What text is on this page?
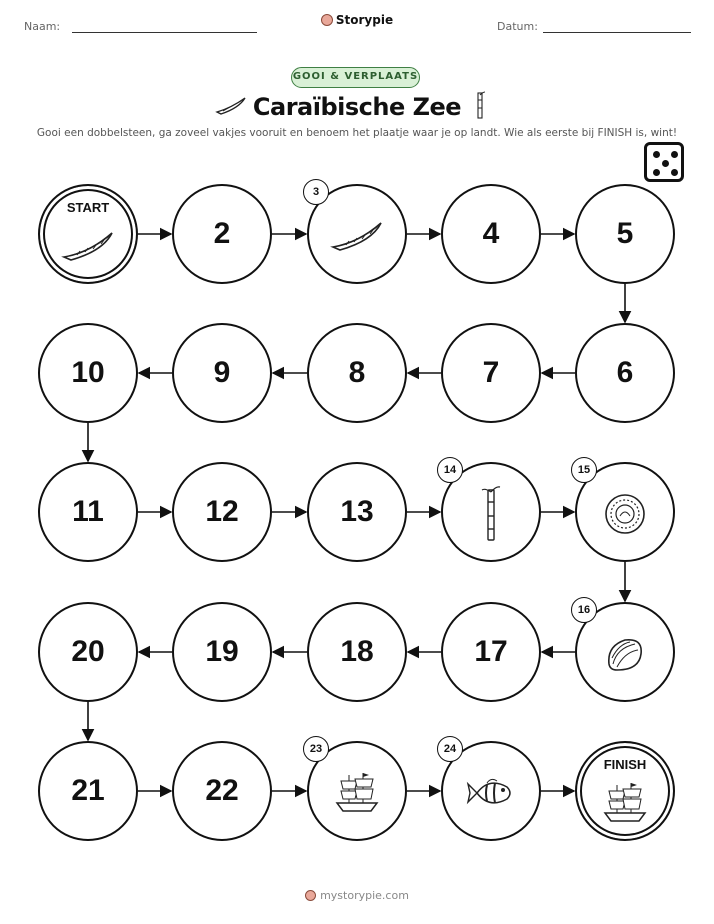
Naam:	Storypie	Datum:
GOOI & VERPLAATS
Caraïbische Zee
Gooi een dobbelsteen, ga zoveel vakjes vooruit en benoem het plaatje waar je op landt. Wie als eerste bij FINISH is, wint!
START
2
3
4	5
6
7
8
9
10
11	12	13
14	15
16
17
18
19
20
21	22
23	24
FINISH
mystorypie.com
